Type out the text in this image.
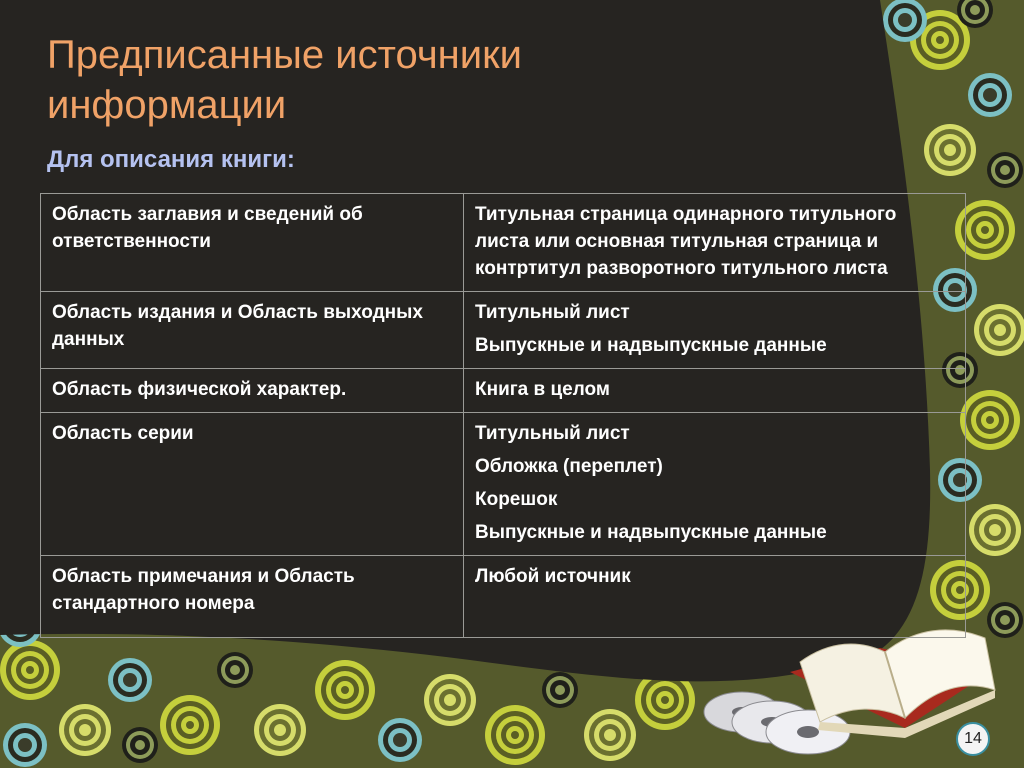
Предписанные источники информации
Для описания книги:
Область заглавия и сведений об ответственности	Титульная страница одинарного титульного листа или основная титульная страница и контртитул разворотного титульного листа

Область издания и Область выходных данных	Титульный лист
Выпускные и надвыпускные данные

Область физической характер.	Книга в целом

Область серии	Титульный лист
Обложка (переплет)
Корешок
Выпускные и надвыпускные данные

Область примечания и Область стандартного номера	Любой источник
14
